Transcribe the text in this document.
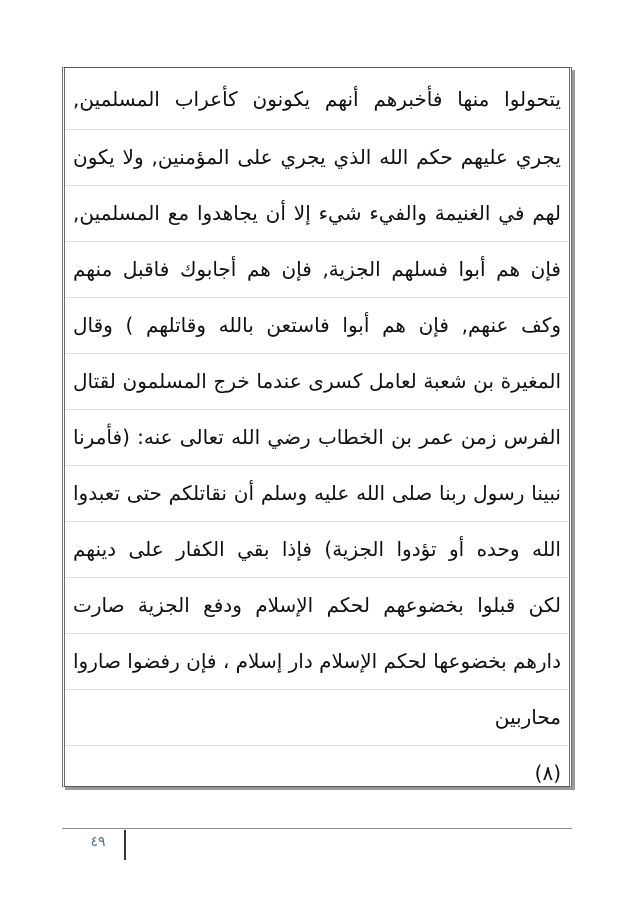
يتحولوا منها فأخبرهم أنهم يكونون كأعراب المسلمين,
يجري عليهم حكم الله الذي يجري على المؤمنين, ولا يكون
لهم في الغنيمة والفيء شيء إلا أن يجاهدوا مع المسلمين,
فإن هم أبوا فسلهم الجزية, فإن هم أجابوك فاقبل منهم
وكف عنهم, فإن هم أبوا فاستعن بالله وقاتلهم ) وقال
المغيرة بن شعبة لعامل كسرى عندما خرج المسلمون لقتال
الفرس زمن عمر بن الخطاب رضي الله تعالى عنه: (فأمرنا
نبينا رسول ربنا صلى الله عليه وسلم أن نقاتلكم حتى تعبدوا
الله وحده أو تؤدوا الجزية) فإذا بقي الكفار على دينهم
لكن قبلوا بخضوعهم لحكم الإسلام ودفع الجزية صارت
دارهم بخضوعها لحكم الإسلام دار إسلام ، فإن رفضوا صاروا
محاربين
(٨)
٤٩
